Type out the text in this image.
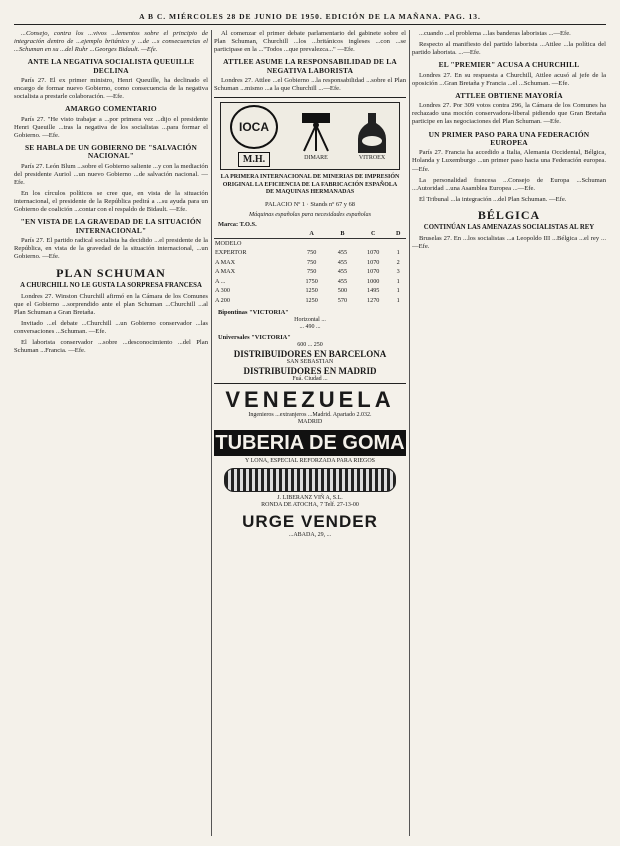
A B C. MIÉRCOLES 28 DE JUNIO DE 1950. EDICIÓN DE LA MAÑANA. PAG. 13.

...Consejo, contra los ...vivos ...lementos sobre el principio de integración dentro de ...ejemplo británico y ...de ...s consecuencias el ...Schuman en su ...del Ruhr ...Georges Bidault. —Efe.

ANTE LA NEGATIVA SOCIALISTA QUEUILLE DECLINA

París 27. El ex primer ministro, Henri Queuille, ha declinado el encargo de formar nuevo Gobierno, como consecuencia de la negativa socialista a prestarle colaboración. —Efe.

AMARGO COMENTARIO

París 27. "He visto trabajar a ...por primera vez ...dijo el presidente Henri Queuille ...tras la negativa de los socialistas ...para formar el Gobierno. —Efe.

SE HABLA DE UN GOBIERNO DE "SALVACIÓN NACIONAL"

París 27. León Blum ...sobre el Gobierno saliente ...y con la mediación del presidente Auriol ...un nuevo Gobierno ...de salvación nacional. —Efe.

En los círculos políticos se cree que, en vista de la situación internacional, el presidente de la República pedirá a ...su ayuda para un Gobierno de coalición ...contar con el respaldo de Bidault. —Efe.

"EN VISTA DE LA GRAVEDAD DE LA SITUACIÓN INTERNACIONAL"

París 27. El partido radical socialista ha decidido ...el presidente de la República, en vista de la gravedad de la situación internacional, ...un Gobierno. —Efe.

PLAN SCHUMAN
A CHURCHILL NO LE GUSTA LA SORPRESA FRANCESA

Londres 27. Winston Churchill afirmó en la Cámara de los Comunes que el Gobierno ...sorprendido ante el plan Schuman ...Churchill ...al Plan Schuman a Gran Bretaña.

Invitado ...el debate ...Churchill ...un Gobierno conservador ...las conversaciones ...Schuman. —Efe.

El laborista conservador ...sobre ...desconocimiento ...del Plan Schuman ...Francia. —Efe.

Al comenzar el primer debate parlamentario del gabinete sobre el Plan Schuman, Churchill ...los ...británicos ingleses ...con ...se participase en la ..."Todos ...que prevalezca..." —Efe.

ATTLEE ASUME LA RESPONSABILIDAD DE LA NEGATIVA LABORISTA

Londres 27. Attlee ...el Gobierno ...la responsabilidad ...sobre el Plan Schuman ...mismo ...a la que Churchill ...—Efe.

IOCA
M.H.	DIMARE	VITROEX
LA PRIMERA INTERNACIONAL DE MINERIAS DE IMPRESIÓN ORIGINAL LA EFICIENCIA DE LA FABRICACIÓN ESPAÑOLA DE MAQUINAS HERMANADAS
PALACIO Nº 1 · Stands nº 67 y 68
Máquinas españolas para necesidades españolas
Marca: T.O.S.
	A	B	C	D
MODELO				
EXPERTOR	750	455	1070	1
A MAX	750	455	1070	2
A MAX	750	455	1070	3
A ...	1750	455	1000	1
A 300	1250	500	1495	1
A 200	1250	570	1270	1
Bipontinas "VICTORIA"
Horizontal ...
... 490 ...
Universales "VICTORIA"
600 ... 250
DISTRIBUIDORES EN BARCELONA
SAN SEBASTIAN
DISTRIBUIDORES EN MADRID
Fuá. Ciudad ...
VENEZUELA
Ingenieros ...extranjeros ...Madrid. Apartado 2.032.
MADRID
TUBERIA DE GOMA
Y LONA, ESPECIAL REFORZADA PARA RIEGOS
J. LIBERANZ VIÑ A, S.L.
RONDA DE ATOCHA, 7 Telf. 27-13-00
URGE VENDER
...ABADA, 29, ...

...cuando ...el problema ...las banderas laboristas ...—Efe.

Respecto al manifiesto del partido laborista ...Attlee ...la política del partido laborista. ...—Efe.

EL "PREMIER" ACUSA A CHURCHILL

Londres 27. En su respuesta a Churchill, Attlee acusó al jefe de la oposición ...Gran Bretaña y Francia ...el ...Schuman. —Efe.

ATTLEE OBTIENE MAYORÍA

Londres 27. Por 309 votos contra 296, la Cámara de los Comunes ha rechazado una moción conservadora-liberal pidiendo que Gran Bretaña participe en las negociaciones del Plan Schuman. —Efe.

UN PRIMER PASO PARA UNA FEDERACIÓN EUROPEA

París 27. Francia ha accedido a Italia, Alemania Occidental, Bélgica, Holanda y Luxemburgo ...un primer paso hacia una Federación europea. —Efe.

La personalidad francesa ...Consejo de Europa ...Schuman ...Autoridad ...una Asamblea Europea ...—Efe.

El Tribunal ...la integración ...del Plan Schuman. —Efe.

BÉLGICA
CONTINÚAN LAS AMENAZAS SOCIALISTAS AL REY

Bruselas 27. En ...los socialistas ...a Leopoldo III ...Bélgica ...el rey ...—Efe.
